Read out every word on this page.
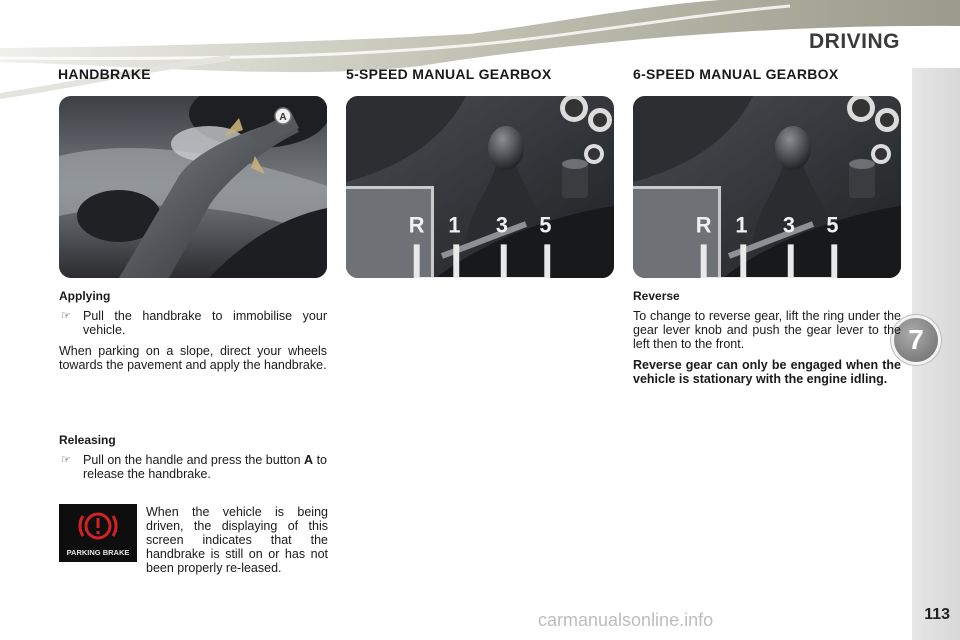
DRIVING
7
113
carmanualsonline.info
HANDBRAKE	5-SPEED MANUAL GEARBOX	6-SPEED MANUAL GEARBOX
A
R 1	3	5	R 1	3	5
Applying
☞ Pull the handbrake to immobilise your vehicle.
When parking on a slope, direct your wheels towards the pavement and apply the handbrake.
Releasing
☞ Pull on the handle and press the button A to release the handbrake.
PARKING BRAKE
When the vehicle is being driven, the displaying of this screen indicates that the handbrake is still on or has not been properly re-leased.
Reverse
To change to reverse gear, lift the ring under the gear lever knob and push the gear lever to the left then to the front.
Reverse gear can only be engaged when the vehicle is stationary with the engine idling.
